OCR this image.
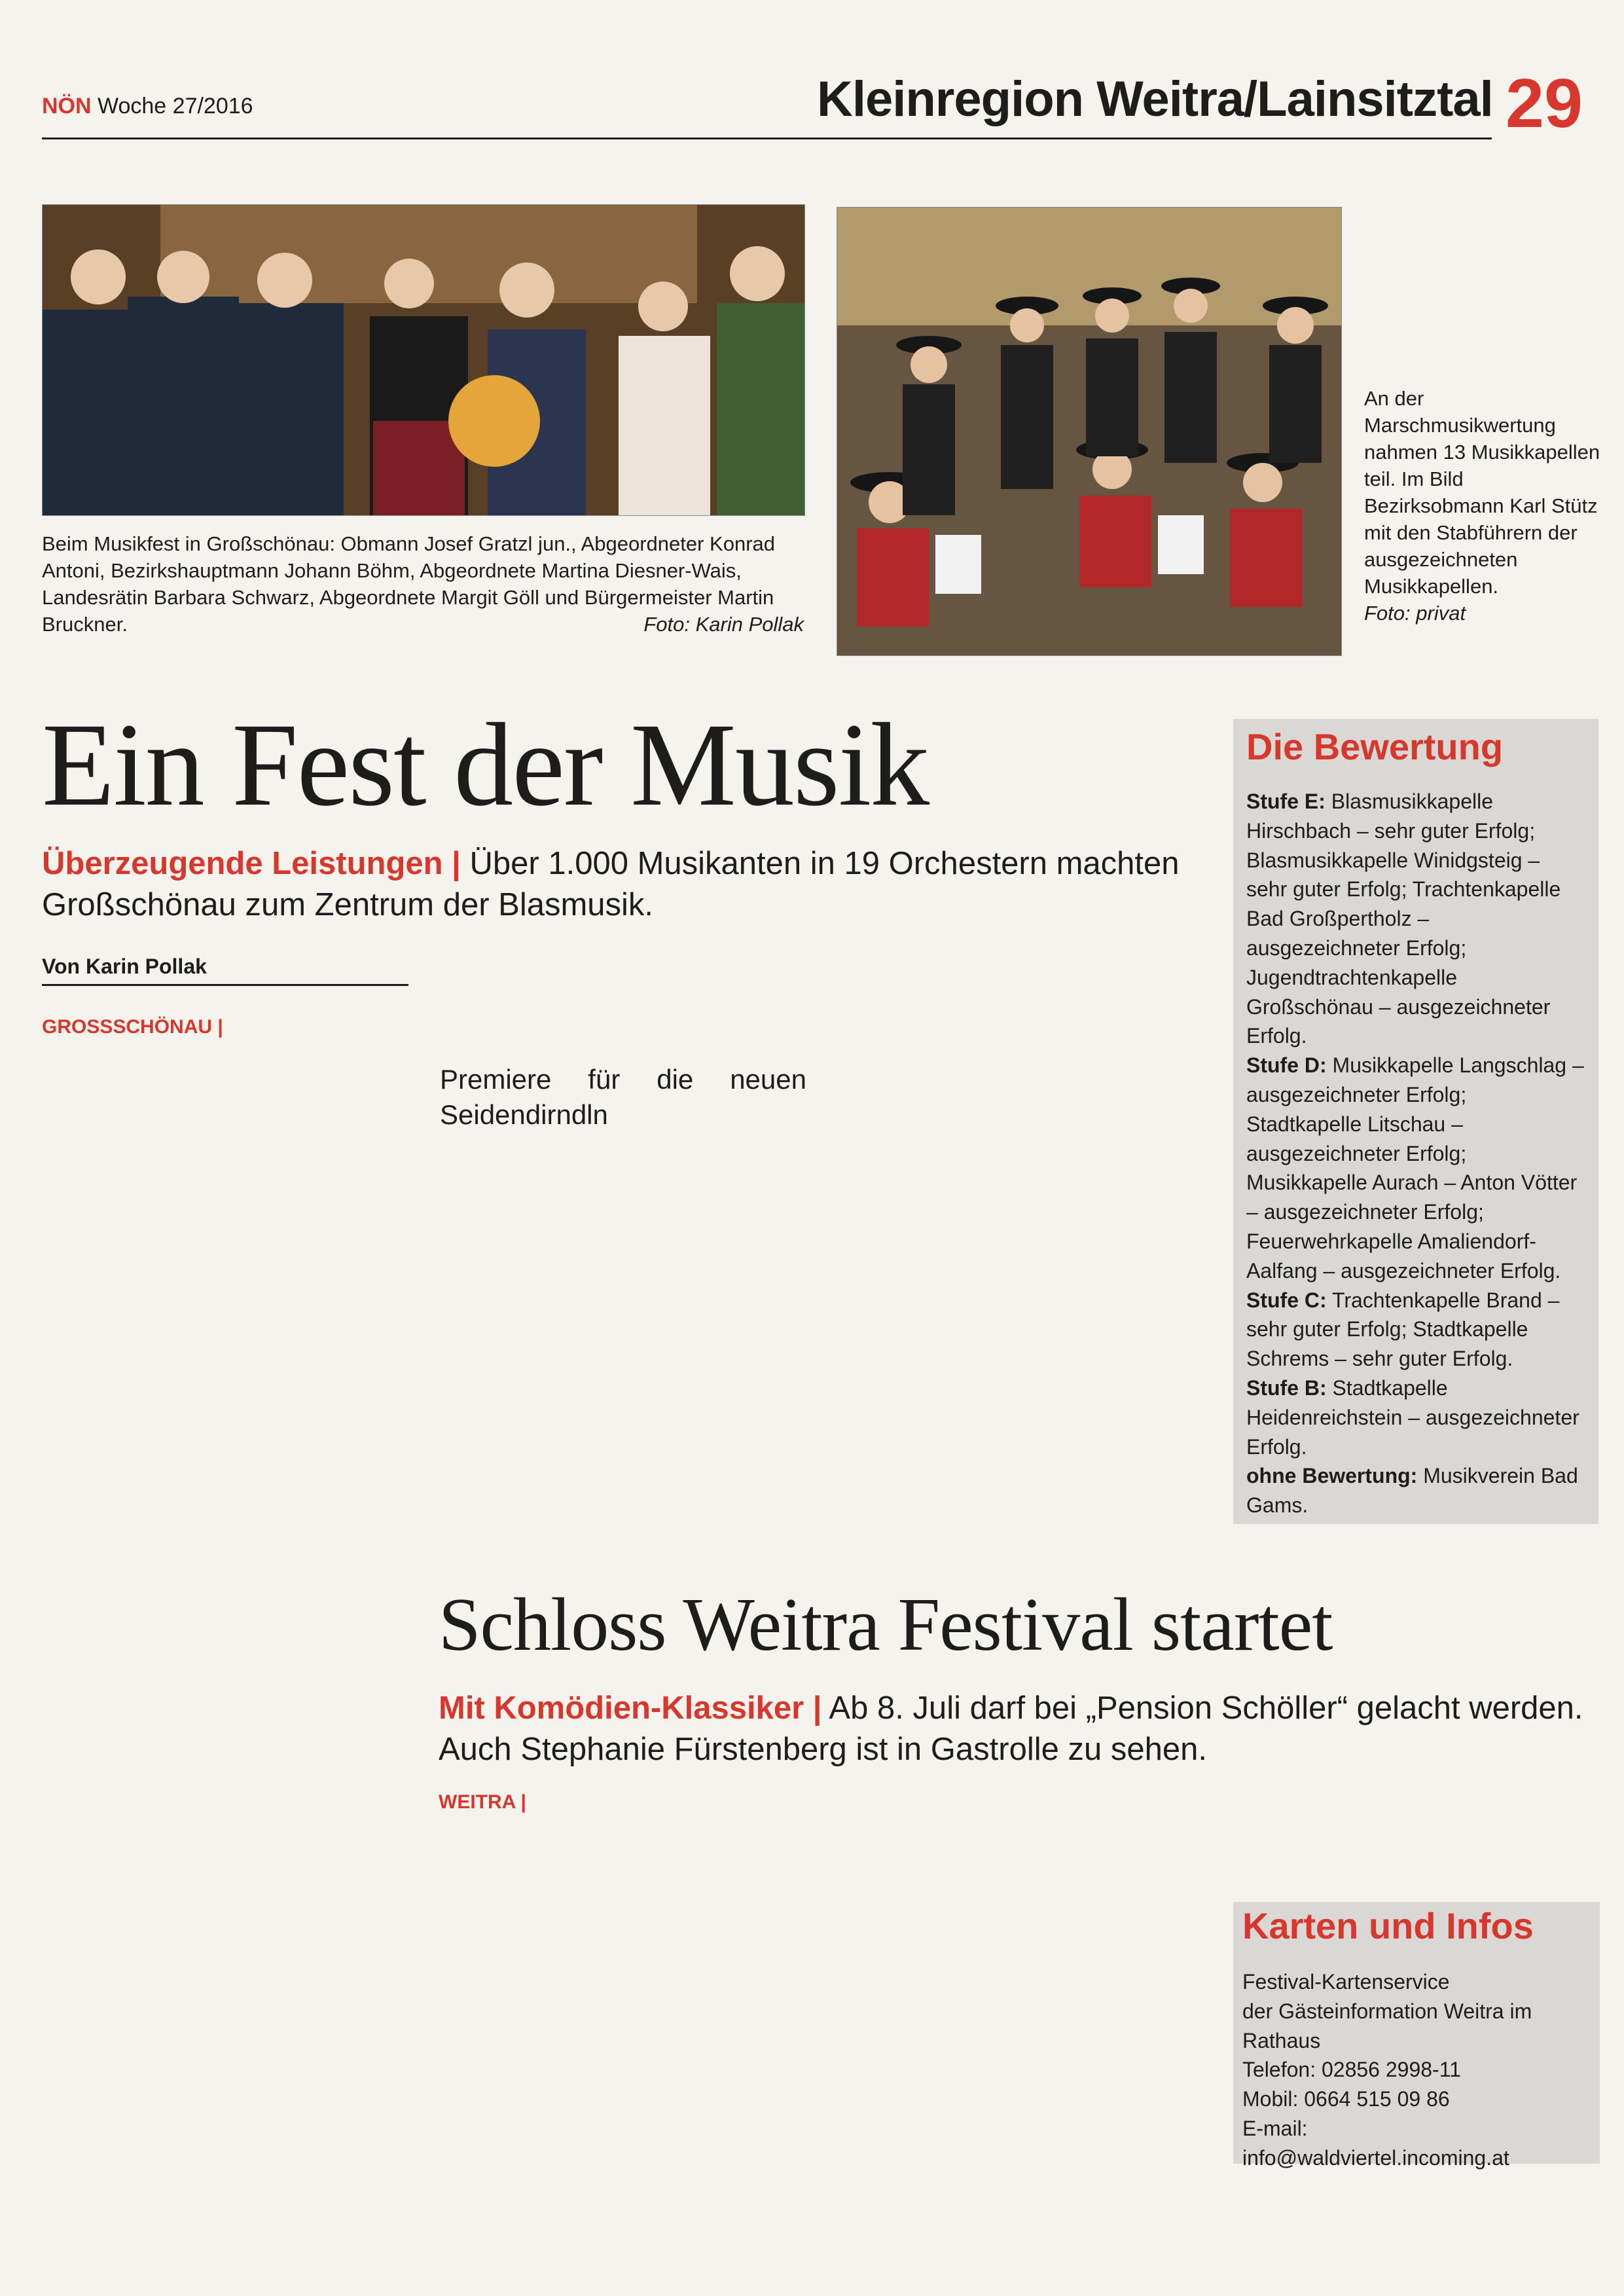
NÖN Woche 27/2016	Kleinregion Weitra/Lainsitztal 29
Beim Musikfest in Großschönau: Obmann Josef Gratzl jun., Abgeordneter Konrad Antoni, Bezirkshauptmann Johann Böhm, Abgeordnete Martina Diesner-Wais, Landesrätin Barbara Schwarz, Abgeordnete Margit Göll und Bürgermeister Martin Bruckner.	Foto: Karin Pollak
An der Marschmusikwertung nahmen 13 Musikkapellen teil. Im Bild Bezirksobmann Karl Stütz mit den Stabführern der ausgezeichneten Musikkapellen.
Foto: privat
Ein Fest der Musik
Überzeugende Leistungen | Über 1.000 Musikanten in 19 Orchestern machten Großschönau zum Zentrum der Blasmusik.
Von Karin Pollak

GROSSSCHÖNAU |

Premiere für die neuen Seidendirndln
Die Bewertung
Stufe E: Blasmusikkapelle Hirschbach – sehr guter Erfolg; Blasmusikkapelle Winidgsteig – sehr guter Erfolg; Trachtenkapelle Bad Großpertholz – ausgezeichneter Erfolg; Jugendtrachtenkapelle Großschönau – ausgezeichneter Erfolg.
Stufe D: Musikkapelle Langschlag – ausgezeichneter Erfolg; Stadtkapelle Litschau – ausgezeichneter Erfolg; Musikkapelle Aurach – Anton Vötter – ausgezeichneter Erfolg; Feuerwehrkapelle Amaliendorf-Aalfang – ausgezeichneter Erfolg.
Stufe C: Trachtenkapelle Brand – sehr guter Erfolg; Stadtkapelle Schrems – sehr guter Erfolg.
Stufe B: Stadtkapelle Heidenreichstein – ausgezeichneter Erfolg.
ohne Bewertung: Musikverein Bad Gams.
Schloss Weitra Festival startet
Mit Komödien-Klassiker | Ab 8. Juli darf bei „Pension Schöller“ gelacht werden. Auch Stephanie Fürstenberg ist in Gastrolle zu sehen.

WEITRA |

Karten und Infos
Festival-Kartenservice
der Gästeinformation Weitra im
Rathaus
Telefon: 02856 2998-11
Mobil: 0664 515 09 86
E-mail:
info@waldviertel.incoming.at
